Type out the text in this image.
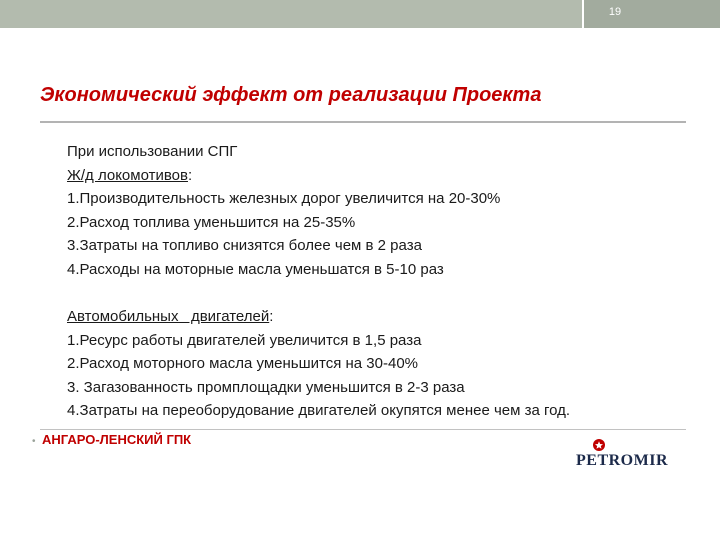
19
Экономический эффект от реализации Проекта
При использовании СПГ
Ж/д локомотивов:
1.Производительность железных дорог увеличится на 20-30%
2.Расход топлива уменьшится на 25-35%
3.Затраты на топливо снизятся более чем в 2 раза
4.Расходы на моторные масла уменьшатся в 5-10 раз
Автомобильных   двигателей:
1.Ресурс работы двигателей увеличится в 1,5 раза
2.Расход моторного масла уменьшится на 30-40%
3. Загазованность промплощадки уменьшится в 2-3 раза
4.Затраты на переоборудование двигателей окупятся менее чем за год.
• АНГАРО-ЛЕНСКИЙ ГПК
PETROMIR
